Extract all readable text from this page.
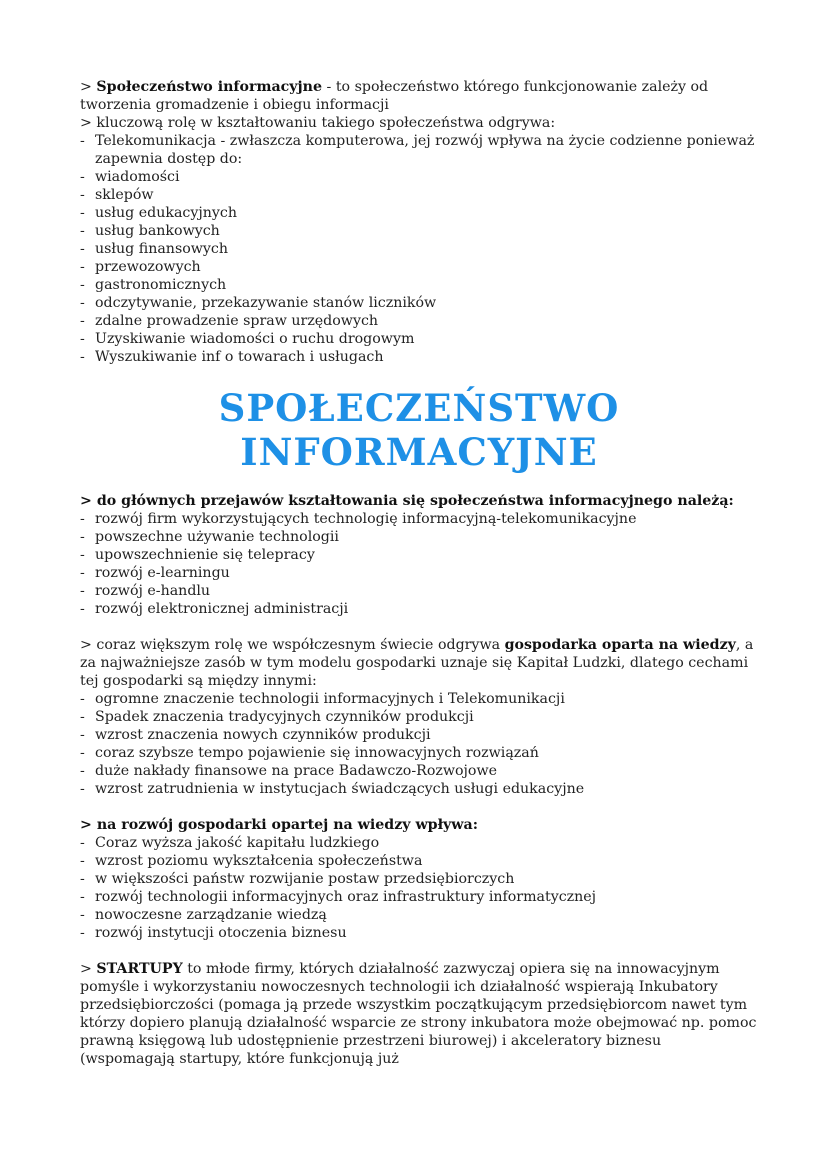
> Społeczeństwo informacyjne - to społeczeństwo którego funkcjonowanie zależy od tworzenia gromadzenie i obiegu informacji

> kluczową rolę w kształtowaniu takiego społeczeństwa odgrywa:

- Telekomunikacja - zwłaszcza komputerowa, jej rozwój wpływa na życie codzienne ponieważ zapewnia dostęp do:
- wiadomości
- sklepów
- usług edukacyjnych
- usług bankowych
- usług finansowych
- przewozowych
- gastronomicznych
- odczytywanie, przekazywanie stanów liczników
- zdalne prowadzenie spraw urzędowych
- Uzyskiwanie wiadomości o ruchu drogowym
- Wyszukiwanie inf o towarach i usługach
SPOŁECZEŃSTWO
INFORMACYJNE

> do głównych przejawów kształtowania się społeczeństwa informacyjnego należą:

- rozwój firm wykorzystujących technologię informacyjną-telekomunikacyjne
- powszechne używanie technologii
- upowszechnienie się telepracy
- rozwój e-learningu
- rozwój e-handlu
- rozwój elektronicznej administracji

> coraz większym rolę we współczesnym świecie odgrywa gospodarka oparta na wiedzy, a za najważniejsze zasób w tym modelu gospodarki uznaje się Kapitał Ludzki, dlatego cechami tej gospodarki są między innymi:

- ogromne znaczenie technologii informacyjnych i Telekomunikacji
- Spadek znaczenia tradycyjnych czynników produkcji
- wzrost znaczenia nowych czynników produkcji
- coraz szybsze tempo pojawienie się innowacyjnych rozwiązań
- duże nakłady finansowe na prace Badawczo-Rozwojowe
- wzrost zatrudnienia w instytucjach świadczących usługi edukacyjne

> na rozwój gospodarki opartej na wiedzy wpływa:

- Coraz wyższa jakość kapitału ludzkiego
- wzrost poziomu wykształcenia społeczeństwa
- w większości państw rozwijanie postaw przedsiębiorczych
- rozwój technologii informacyjnych oraz infrastruktury informatycznej
- nowoczesne zarządzanie wiedzą
- rozwój instytucji otoczenia biznesu

> STARTUPY to młode firmy, których działalność zazwyczaj opiera się na innowacyjnym pomyśle i wykorzystaniu nowoczesnych technologii ich działalność wspierają Inkubatory przedsiębiorczości (pomaga ją przede wszystkim początkującym przedsiębiorcom nawet tym którzy dopiero planują działalność wsparcie ze strony inkubatora może obejmować np. pomoc prawną księgową lub udostępnienie przestrzeni biurowej) i akceleratory biznesu (wspomagają startupy, które funkcjonują już
